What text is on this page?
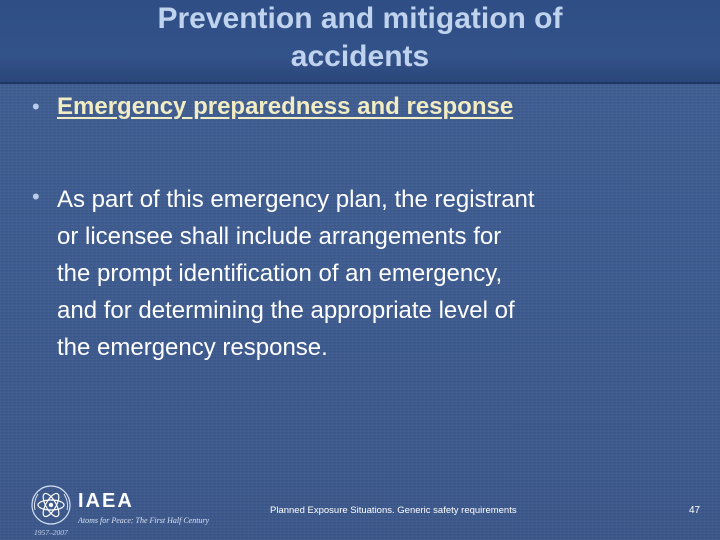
Prevention and mitigation of
accidents
• Emergency preparedness and response
• As part of this emergency plan, the registrant
or licensee shall include arrangements for
the prompt identification of an emergency,
and for determining the appropriate level of
the emergency response.
IAEA
Atoms for Peace: The First Half Century
1957–2007
Planned Exposure Situations. Generic safety requirements	47
